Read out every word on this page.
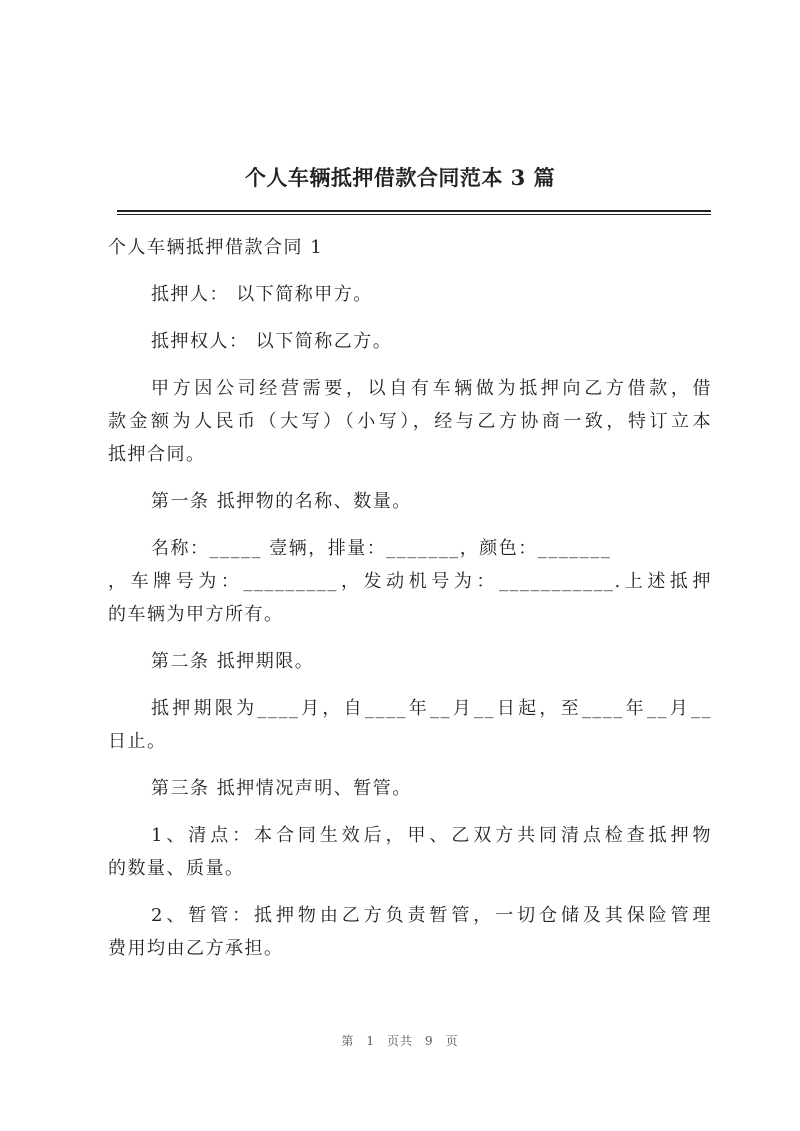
个人车辆抵押借款合同范本 3 篇
个人车辆抵押借款合同 1
抵押人： 以下简称甲方。
抵押权人： 以下简称乙方。
甲方因公司经营需要，以自有车辆做为抵押向乙方借款，借
款金额为人民币（大写）（小写），经与乙方协商一致，特订立本
抵押合同。
第一条 抵押物的名称、数量。
名称：_____ 壹辆，排量：_______，颜色：_______
，车牌号为：_________，发动机号为：___________.上述抵押
的车辆为甲方所有。
第二条 抵押期限。
抵押期限为____月，自____年__月__日起，至____年__月__
日止。
第三条 抵押情况声明、暂管。
1、清点：本合同生效后，甲、乙双方共同清点检查抵押物
的数量、质量。
2、暂管：抵押物由乙方负责暂管，一切仓储及其保险管理
费用均由乙方承担。
第 1 页共 9 页
